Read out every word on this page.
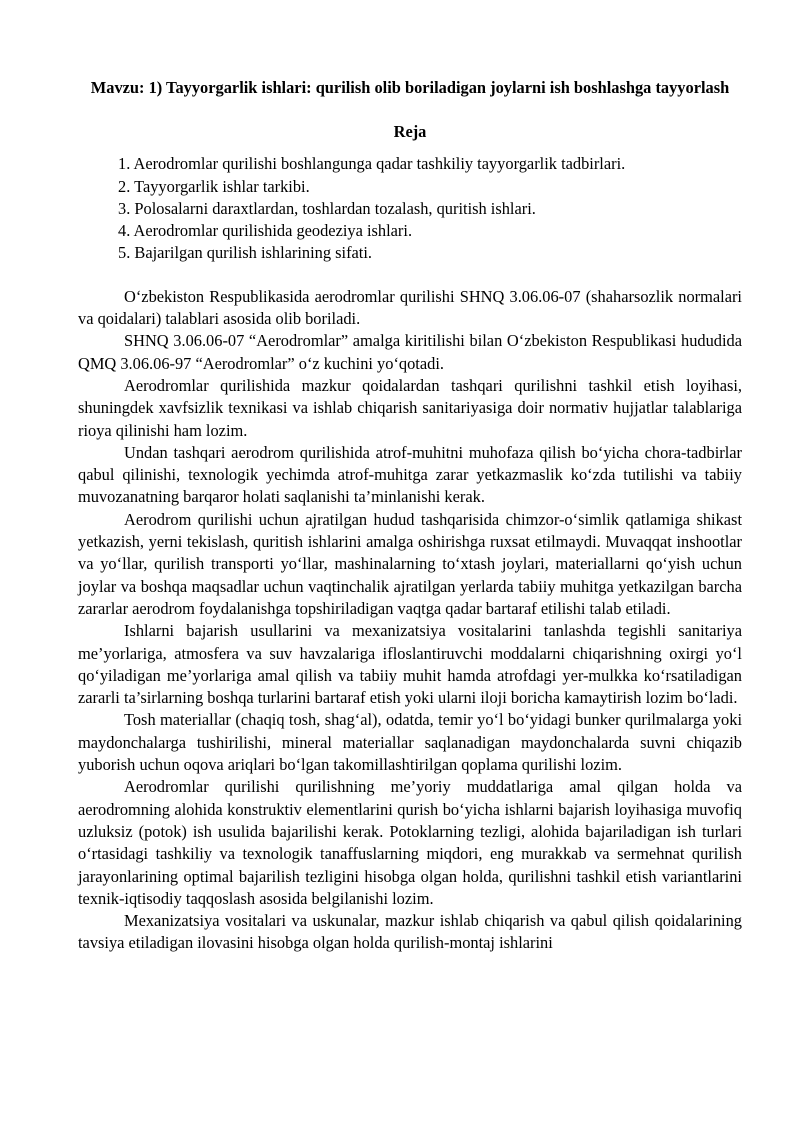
Mavzu: 1) Tayyorgarlik ishlari: qurilish olib boriladigan joylarni ish boshlashga tayyorlash
Reja
1. Aerodromlar qurilishi boshlangunga qadar tashkiliy tayyorgarlik tadbirlari.
2. Tayyorgarlik ishlar tarkibi.
3. Polosalarni daraxtlardan, toshlardan tozalash, quritish ishlari.
4. Aerodromlar qurilishida geodeziya ishlari.
5. Bajarilgan qurilish ishlarining sifati.

O‘zbekiston Respublikasida aerodromlar qurilishi SHNQ 3.06.06-07 (shaharsozlik normalari va qoidalari) talablari asosida olib boriladi.

SHNQ 3.06.06-07 “Aerodromlar” amalga kiritilishi bilan O‘zbekiston Respublikasi hududida QMQ 3.06.06-97 “Aerodromlar” o‘z kuchini yo‘qotadi.

Aerodromlar qurilishida mazkur qoidalardan tashqari qurilishni tashkil etish loyihasi, shuningdek xavfsizlik texnikasi va ishlab chiqarish sanitariyasiga doir normativ hujjatlar talablariga rioya qilinishi ham lozim.

Undan tashqari aerodrom qurilishida atrof-muhitni muhofaza qilish bo‘yicha chora-tadbirlar qabul qilinishi, texnologik yechimda atrof-muhitga zarar yetkazmaslik ko‘zda tutilishi va tabiiy muvozanatning barqaror holati saqlanishi ta’minlanishi kerak.

Aerodrom qurilishi uchun ajratilgan hudud tashqarisida chimzor-o‘simlik qatlamiga shikast yetkazish, yerni tekislash, quritish ishlarini amalga oshirishga ruxsat etilmaydi. Muvaqqat inshootlar va yo‘llar, qurilish transporti yo‘llar, mashinalarning to‘xtash joylari, materiallarni qo‘yish uchun joylar va boshqa maqsadlar uchun vaqtinchalik ajratilgan yerlarda tabiiy muhitga yetkazilgan barcha zararlar aerodrom foydalanishga topshiriladigan vaqtga qadar bartaraf etilishi talab etiladi.

Ishlarni bajarish usullarini va mexanizatsiya vositalarini tanlashda tegishli sanitariya me’yorlariga, atmosfera va suv havzalariga ifloslantiruvchi moddalarni chiqarishning oxirgi yo‘l qo‘yiladigan me’yorlariga amal qilish va tabiiy muhit hamda atrofdagi yer-mulkka ko‘rsatiladigan zararli ta’sirlarning boshqa turlarini bartaraf etish yoki ularni iloji boricha kamaytirish lozim bo‘ladi.

Tosh materiallar (chaqiq tosh, shag‘al), odatda, temir yo‘l bo‘yidagi bunker qurilmalarga yoki maydonchalarga tushirilishi, mineral materiallar saqlanadigan maydonchalarda suvni chiqazib yuborish uchun oqova ariqlari bo‘lgan takomillashtirilgan qoplama qurilishi lozim.

Aerodromlar qurilishi qurilishning me’yoriy muddatlariga amal qilgan holda va aerodromning alohida konstruktiv elementlarini qurish bo‘yicha ishlarni bajarish loyihasiga muvofiq uzluksiz (potok) ish usulida bajarilishi kerak. Potoklarning tezligi, alohida bajariladigan ish turlari o‘rtasidagi tashkiliy va texnologik tanaffuslarning miqdori, eng murakkab va sermehnat qurilish jarayonlarining optimal bajarilish tezligini hisobga olgan holda, qurilishni tashkil etish variantlarini texnik-iqtisodiy taqqoslash asosida belgilanishi lozim.

Mexanizatsiya vositalari va uskunalar, mazkur ishlab chiqarish va qabul qilish qoidalarining tavsiya etiladigan ilovasini hisobga olgan holda qurilish-montaj ishlarini
